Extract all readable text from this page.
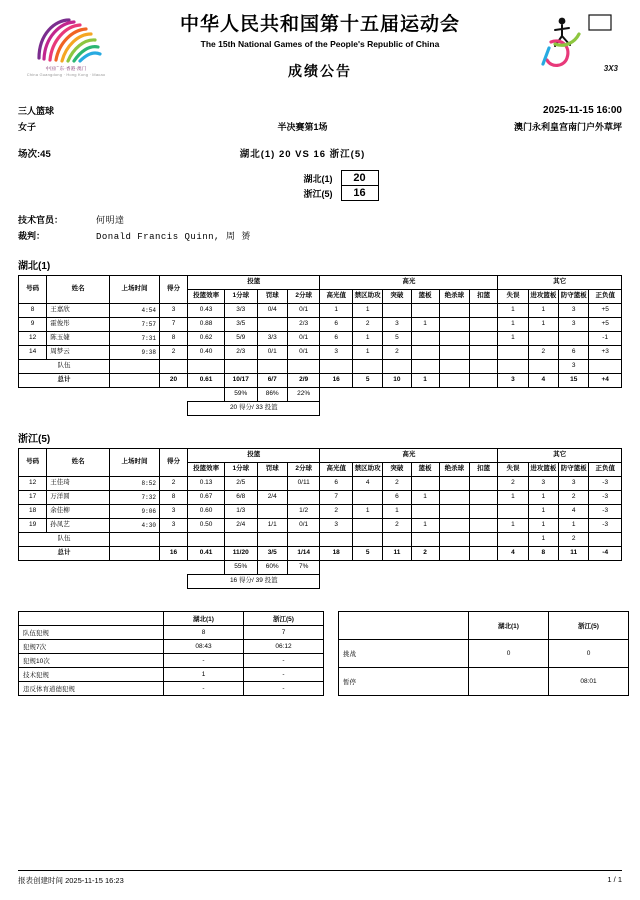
中国广东·香港·澳门
China Guangdong · Hong Kong · Macao
中华人民共和国第十五届运动会
The 15th National Games of the People's Republic of China
成绩公告	3X3
三人篮球	2025-11-15 16:00
女子	半决赛第1场	澳门永利皇宫南门户外草坪
场次:45	湖北(1) 20 VS 16 浙江(5)
湖北(1)	20
浙江(5)	16
技术官员：	何明達
裁判：	Donald Francis Quinn, 周 赟
湖北(1)
号码	姓名	上场时间	得分	投篮				高光						其它			
				投篮效率	1分球	罚球	2分球	高光值	禁区助攻	突破	篮板	绝杀球	扣篮	失误	进攻篮板	防守篮板	正负值
8	王嘉欣	4:54	3	0.43	3/3	0/4	0/1	1	1					1	1	3	+5
9	霍俊彤	7:57	7	0.88	3/5		2/3	6	2	3	1			1	1	3	+5
12	陈玉婕	7:31	8	0.62	5/9	3/3	0/1	6	1	5				1			-1
14	周梦云	9:38	2	0.40	2/3	0/1	0/1	3	1	2					2	6	+3
队伍																3	
总计			20	0.61	10/17	6/7	2/9	16	5	10	1			3	4	15	+4
					59%	86%	22%										
				20 得分/ 33 投篮													
浙江(5)
号码	姓名	上场时间	得分	投篮				高光						其它			
				投篮效率	1分球	罚球	2分球	高光值	禁区助攻	突破	篮板	绝杀球	扣篮	失误	进攻篮板	防守篮板	正负值
12	王佳琦	8:52	2	0.13	2/5		0/11	6	4	2				2	3	3	-3
17	万洋圆	7:32	8	0.67	6/8	2/4		7		6	1			1	1	2	-3
18	余佳柳	9:06	3	0.60	1/3		1/2	2	1	1					1	4	-3
19	孙凤艺	4:30	3	0.50	2/4	1/1	0/1	3		2	1			1	1	1	-3
队伍															1	2	
总计			16	0.41	11/20	3/5	1/14	18	5	11	2			4	8	11	-4
					55%	60%	7%										
				16 得分/ 39 投篮													
	湖北(1)	浙江(5)
队伍犯规	8	7
犯规7次	08:43	06:12
犯规10次	-	-
技术犯规	1	-
违反体育道德犯规	-	-
	湖北(1)	浙江(5)
挑战	0	0
暂停		08:01
报表创建时间 2025-11-15 16:23	1 / 1
